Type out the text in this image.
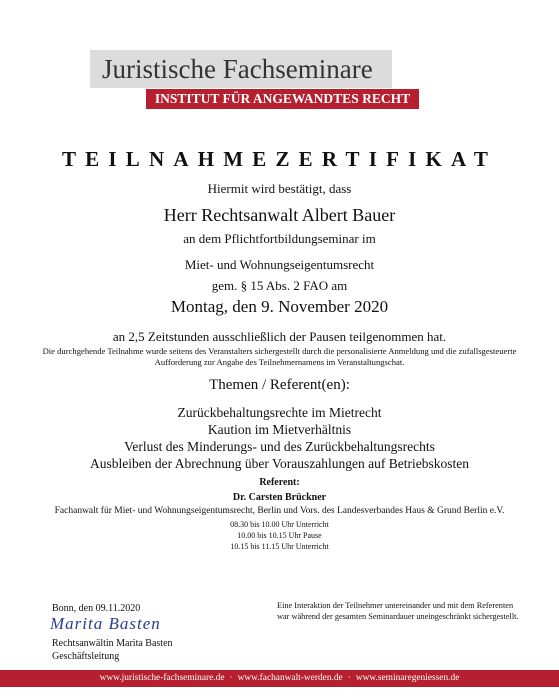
Juristische Fachseminare
INSTITUT FÜR ANGEWANDTES RECHT
TEILNAHMEZERTIFIKAT
Hiermit wird bestätigt, dass
Herr Rechtsanwalt Albert Bauer
an dem Pflichtfortbildungseminar im
Miet- und Wohnungseigentumsrecht
gem. § 15 Abs. 2 FAO am
Montag, den 9. November 2020
an 2,5 Zeitstunden ausschließlich der Pausen teilgenommen hat.
Die durchgehende Teilnahme wurde seitens des Veranstalters sichergestellt durch die personalisierte Anmeldung und die zufallsgesteuerte Aufforderung zur Angabe des Teilnehmernamens im Veranstaltungschat.
Themen / Referent(en):
Zurückbehaltungsrechte im Mietrecht
Kaution im Mietverhältnis
Verlust des Minderungs- und des Zurückbehaltungsrechts
Ausbleiben der Abrechnung über Vorauszahlungen auf Betriebskosten
Referent:
Dr. Carsten Brückner
Fachanwalt für Miet- und Wohnungseigentumsrecht, Berlin und Vors. des Landesverbandes Haus & Grund Berlin e.V.
08.30 bis 10.00 Uhr Unterricht
10.00 bis 10.15 Uhr Pause
10.15 bis 11.15 Uhr Unterricht
Bonn, den 09.11.2020
Marita Basten
Rechtsanwältin Marita Basten
Geschäftsleitung
Eine Interaktion der Teilnehmer untereinander und mit dem Referenten war während der gesamten Seminardauer uneingeschränkt sichergestellt.
www.juristische-fachseminare.de · www.fachanwalt-werden.de · www.seminaregeniessen.de
